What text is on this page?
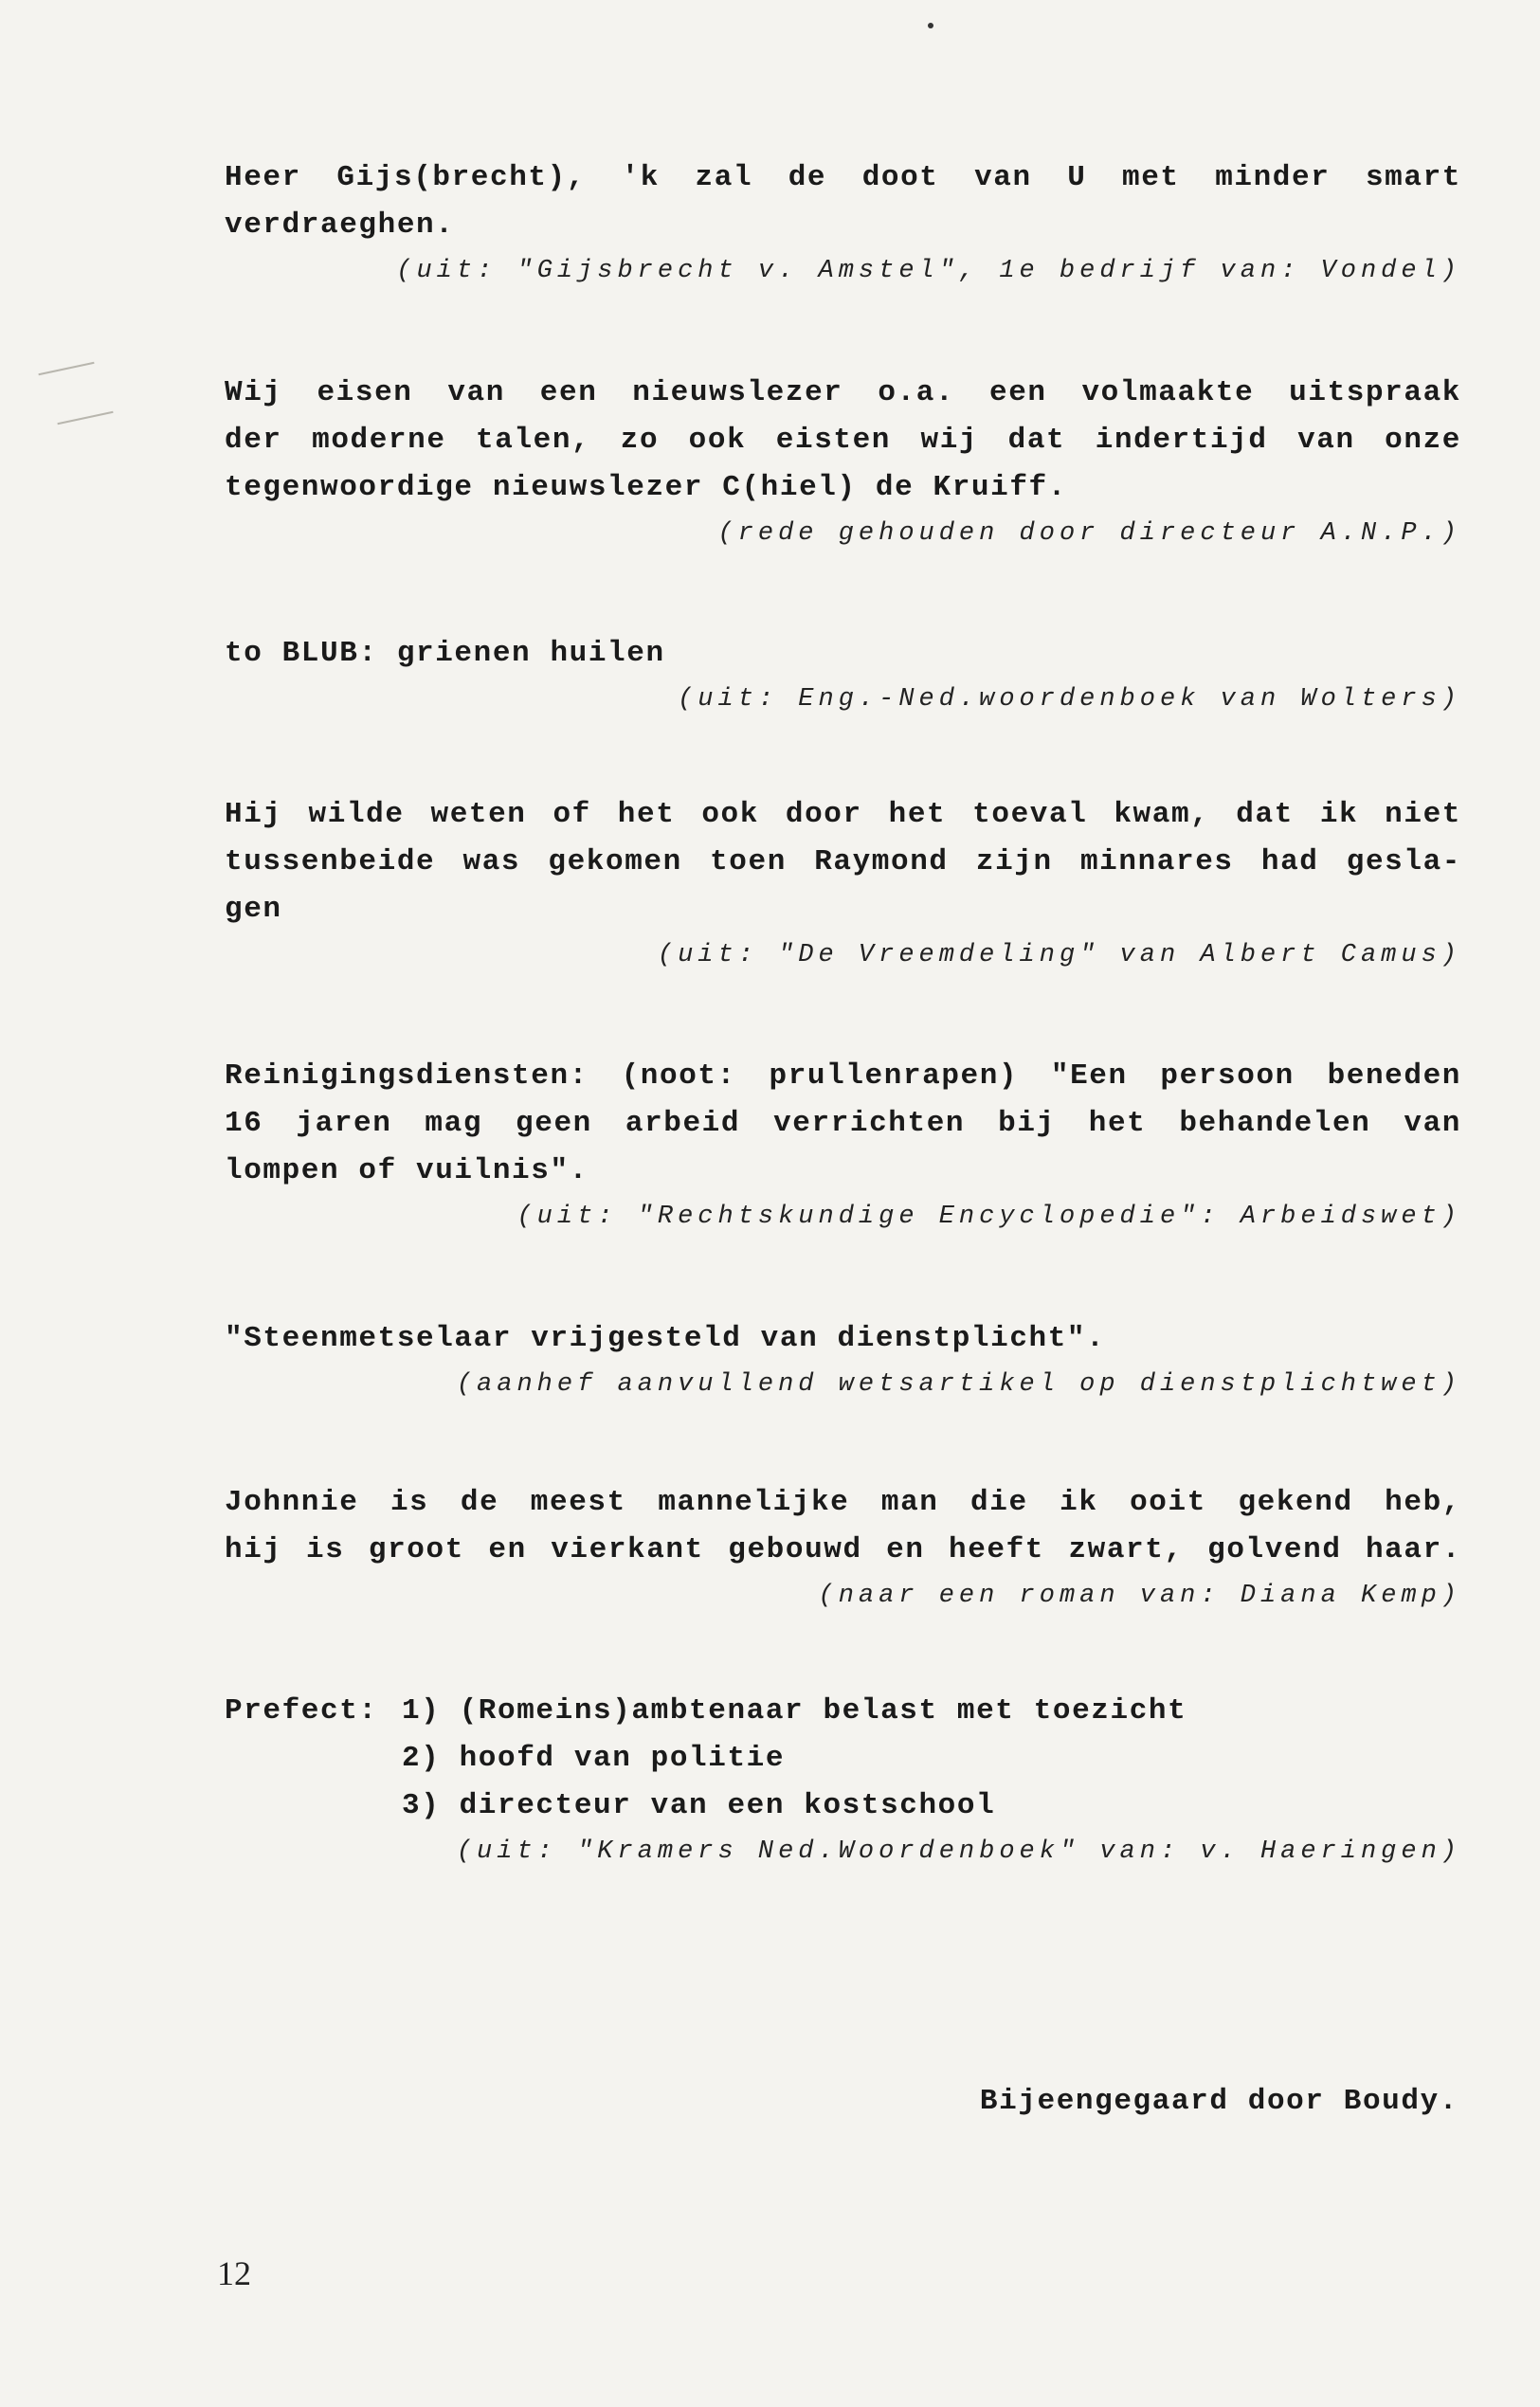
Heer Gijs(brecht), 'k zal de doot van U met minder smart
verdraeghen.
(uit: "Gijsbrecht v. Amstel", 1e bedrijf van: Vondel)
Wij eisen van een nieuwslezer o.a. een volmaakte uitspraak
der moderne talen, zo ook eisten wij dat indertijd van onze
tegenwoordige nieuwslezer C(hiel) de Kruiff.
(rede gehouden door directeur A.N.P.)
to BLUB: grienen huilen
(uit: Eng.-Ned.woordenboek van Wolters)
Hij wilde weten of het ook door het toeval kwam, dat ik niet
tussenbeide was gekomen toen Raymond zijn minnares had gesla-
gen
(uit: "De Vreemdeling" van Albert Camus)
Reinigingsdiensten: (noot: prullenrapen) "Een persoon beneden
16 jaren mag geen arbeid verrichten bij het behandelen van
lompen of vuilnis".
(uit: "Rechtskundige Encyclopedie": Arbeidswet)
"Steenmetselaar vrijgesteld van dienstplicht".
(aanhef aanvullend wetsartikel op dienstplichtwet)
Johnnie is de meest mannelijke man die ik ooit gekend heb,
hij is groot en vierkant gebouwd en heeft zwart, golvend haar.
(naar een roman van: Diana Kemp)
Prefect: 1) (Romeins)ambtenaar belast met toezicht
2) hoofd van politie
3) directeur van een kostschool
(uit: "Kramers Ned.Woordenboek" van: v. Haeringen)
Bijeengegaard door Boudy.
12
